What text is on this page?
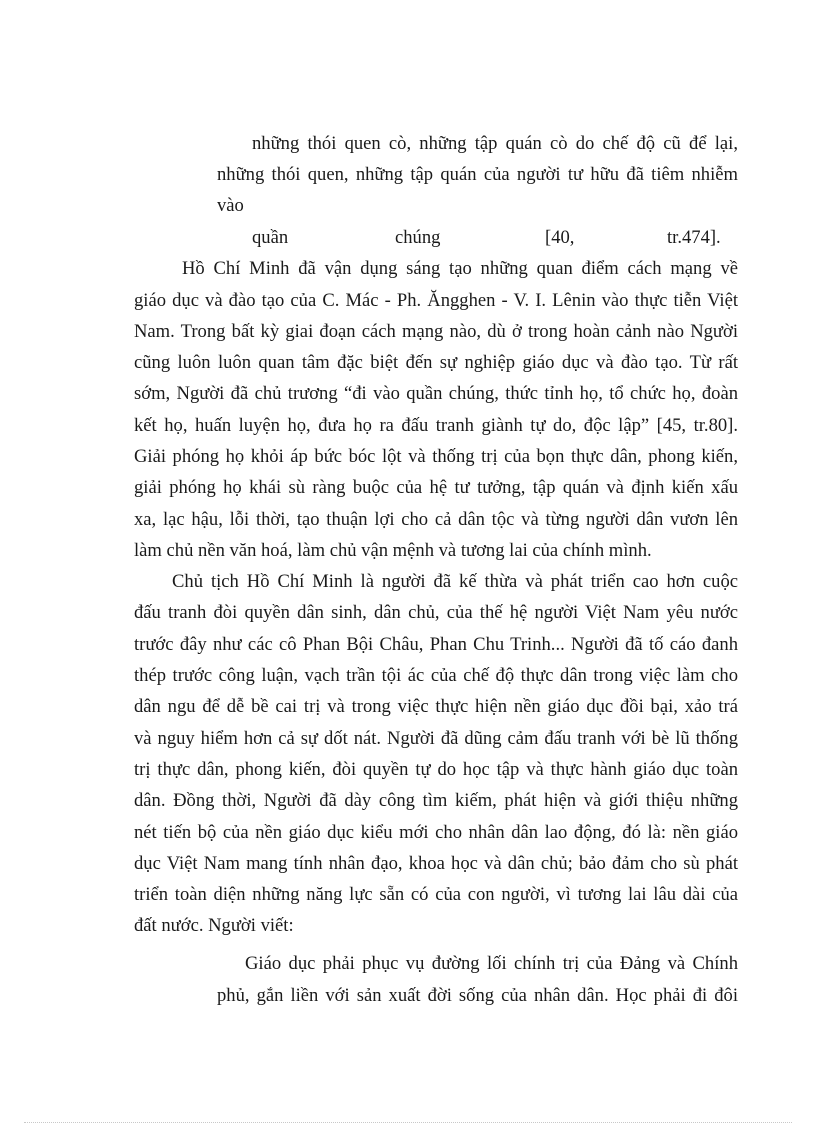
những thói quen cò, những tập quán cò do chế độ cũ để lại,
những thói quen, những tập quán của người tư hữu đã tiêm nhiễm
vào
quần	chúng	[40,	tr.474].
Hồ Chí Minh đã vận dụng sáng tạo những quan điểm cách mạng về
giáo dục và đào tạo của C. Mác - Ph. Ăngghen - V. I. Lênin vào thực tiễn Việt
Nam. Trong bất kỳ giai đoạn cách mạng nào, dù ở trong hoàn cảnh nào Người
cũng luôn luôn quan tâm đặc biệt đến sự nghiệp giáo dục và đào tạo. Từ rất
sớm, Người đã chủ trương “đi vào quần chúng, thức tỉnh họ, tổ chức họ, đoàn
kết họ, huấn luyện họ, đưa họ ra đấu tranh giành tự do, độc lập” [45, tr.80].
Giải phóng họ khỏi áp bức bóc lột và thống trị của bọn thực dân, phong kiến,
giải phóng họ khái sù ràng buộc của hệ tư tưởng, tập quán và định kiến xấu
xa, lạc hậu, lỗi thời, tạo thuận lợi cho cả dân tộc và từng người dân vươn lên
làm chủ nền văn hoá, làm chủ vận mệnh và tương lai của chính mình.
Chủ tịch Hồ Chí Minh là người đã kế thừa và phát triển cao hơn cuộc
đấu tranh đòi quyền dân sinh, dân chủ, của thế hệ người Việt Nam yêu nước
trước đây như các cô Phan Bội Châu, Phan Chu Trinh... Người đã tố cáo đanh
thép trước công luận, vạch trần tội ác của chế độ thực dân trong việc làm cho
dân ngu để dễ bề cai trị và trong việc thực hiện nền giáo dục đồi bại, xảo trá
và nguy hiểm hơn cả sự dốt nát. Người đã dũng cảm đấu tranh với bè lũ thống
trị thực dân, phong kiến, đòi quyền tự do học tập và thực hành giáo dục toàn
dân. Đồng thời, Người đã dày công tìm kiếm, phát hiện và giới thiệu những
nét tiến bộ của nền giáo dục kiểu mới cho nhân dân lao động, đó là: nền giáo
dục Việt Nam mang tính nhân đạo, khoa học và dân chủ; bảo đảm cho sù phát
triển toàn diện những năng lực sẵn có của con người, vì tương lai lâu dài của
đất nước. Người viết:
Giáo dục phải phục vụ đường lối chính trị của Đảng và Chính
phủ, gắn liền với sản xuất đời sống của nhân dân. Học phải đi đôi
